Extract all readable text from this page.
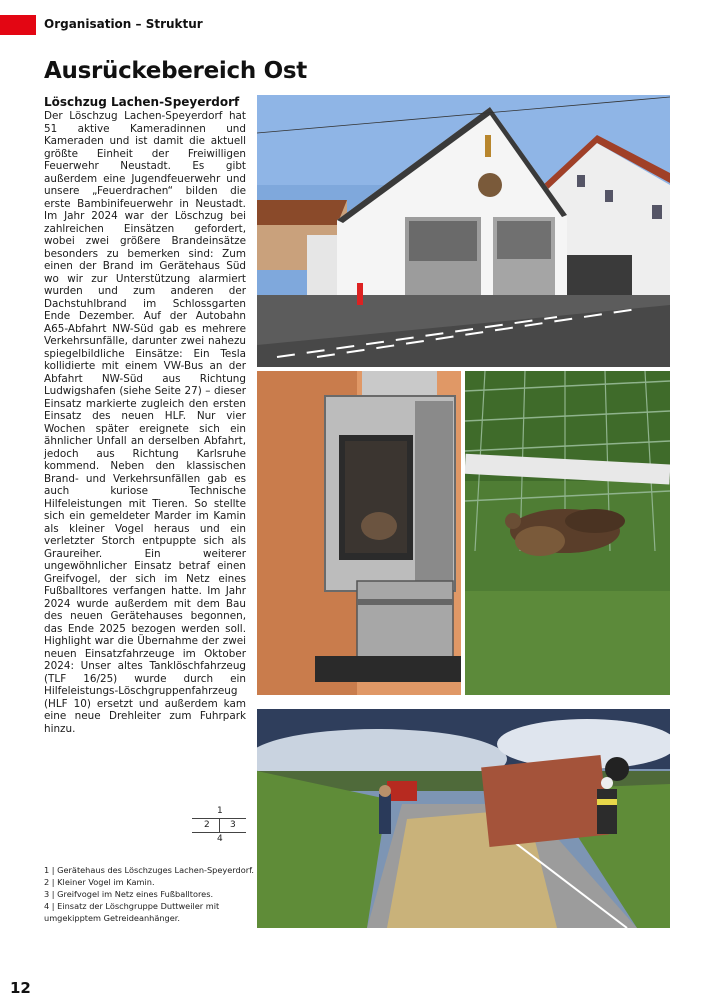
Organisation – Struktur
Ausrückebereich Ost
Löschzug Lachen-Speyerdorf

Der Löschzug Lachen-Speyerdorf hat 51 aktive Kameradinnen und Kameraden und ist damit die aktuell größte Einheit der Freiwilligen Feuerwehr Neustadt. Es gibt außerdem eine Jugendfeuerwehr und unsere „Feuerdrachen“ bilden die erste Bambinifeuerwehr in Neustadt. Im Jahr 2024 war der Löschzug bei zahlreichen Einsätzen gefordert, wobei zwei größere Brandeinsätze besonders zu bemerken sind: Zum einen der Brand im Gerätehaus Süd wo wir zur Unterstützung alarmiert wurden und zum anderen der Dachstuhlbrand im Schlossgarten Ende Dezember. Auf der Autobahn A65-Abfahrt NW-Süd gab es mehrere Verkehrsunfälle, darunter zwei nahezu spiegelbildliche Einsätze: Ein Tesla kollidierte mit einem VW-Bus an der Abfahrt NW-Süd aus Richtung Ludwigshafen (siehe Seite 27) – dieser Einsatz markierte zugleich den ersten Einsatz des neuen HLF. Nur vier Wochen später ereignete sich ein ähnlicher Unfall an derselben Abfahrt, jedoch aus Richtung Karlsruhe kommend. Neben den klassischen Brand- und Verkehrsunfällen gab es auch kuriose Technische Hilfeleistungen mit Tieren. So stellte sich ein gemeldeter Marder im Kamin als kleiner Vogel heraus und ein verletzter Storch entpuppte sich als Graureiher. Ein weiterer ungewöhnlicher Einsatz betraf einen Greifvogel, der sich im Netz eines Fußballtores verfangen hatte. Im Jahr 2024 wurde außerdem mit dem Bau des neuen Gerätehauses begonnen, das Ende 2025 bezogen werden soll. Highlight war die Übernahme der zwei neuen Einsatzfahrzeuge im Oktober 2024: Unser altes Tanklöschfahrzeug (TLF 16/25) wurde durch ein Hilfeleistungs-Löschgruppenfahrzeug (HLF 10) ersetzt und außerdem kam eine neue Drehleiter zum Fuhrpark hinzu.

1
2 3
4
1 | Gerätehaus des Löschzuges Lachen-Speyerdorf.
2 | Kleiner Vogel im Kamin.
3 | Greifvogel im Netz eines Fußballtores.
4 | Einsatz der Löschgruppe Duttweiler mit umgekipptem Getreideanhänger.
12
